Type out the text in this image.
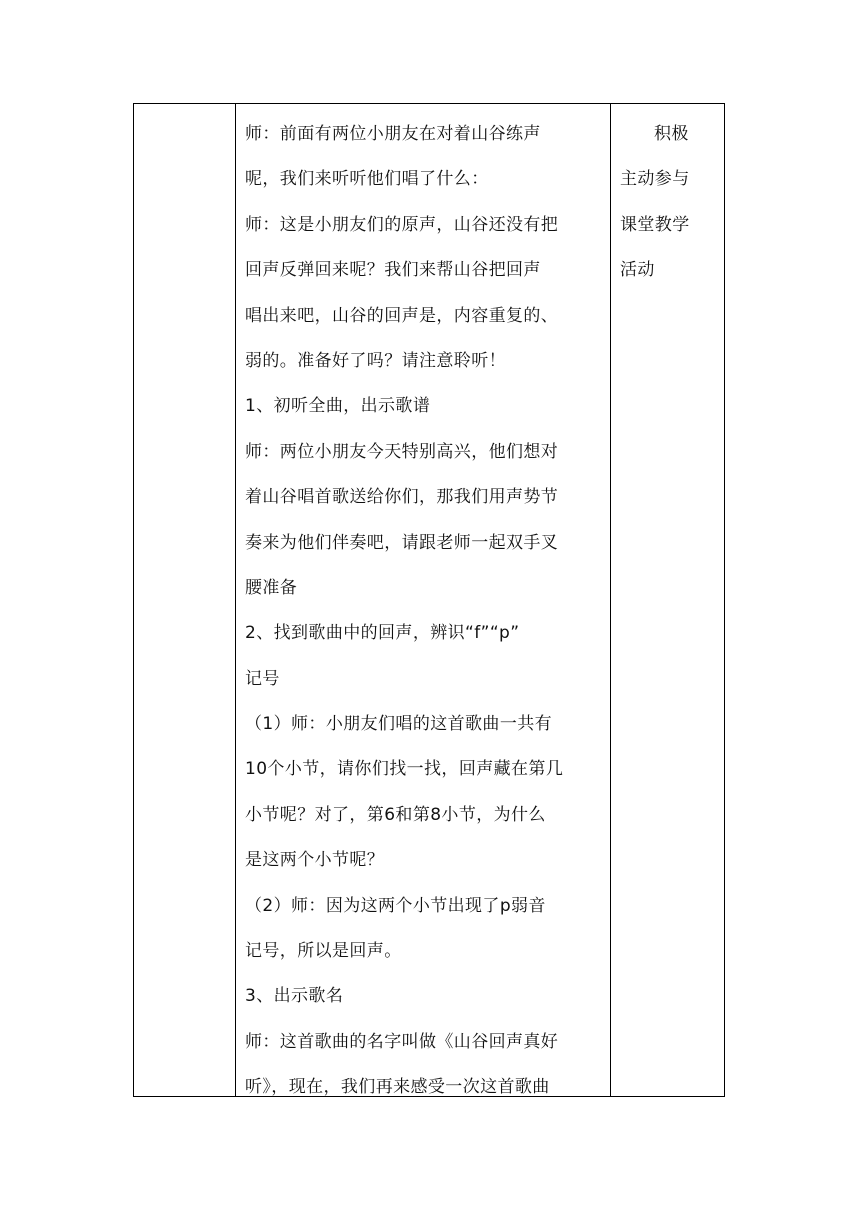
师：前面有两位小朋友在对着山谷练声
呢，我们来听听他们唱了什么：
师：这是小朋友们的原声，山谷还没有把
回声反弹回来呢？我们来帮山谷把回声
唱出来吧，山谷的回声是，内容重复的、
弱的。准备好了吗？请注意聆听！
1、初听全曲，出示歌谱
师：两位小朋友今天特别高兴，他们想对
着山谷唱首歌送给你们，那我们用声势节
奏来为他们伴奏吧，请跟老师一起双手叉
腰准备
2、找到歌曲中的回声，辨识“f”“p”
记号
（1）师：小朋友们唱的这首歌曲一共有
10个小节，请你们找一找，回声藏在第几
小节呢？对了，第6和第8小节，为什么
是这两个小节呢？
（2）师：因为这两个小节出现了p弱音
记号，所以是回声。
3、出示歌名
师：这首歌曲的名字叫做《山谷回声真好
听》，现在，我们再来感受一次这首歌曲
积极
主动参与
课堂教学
活动
